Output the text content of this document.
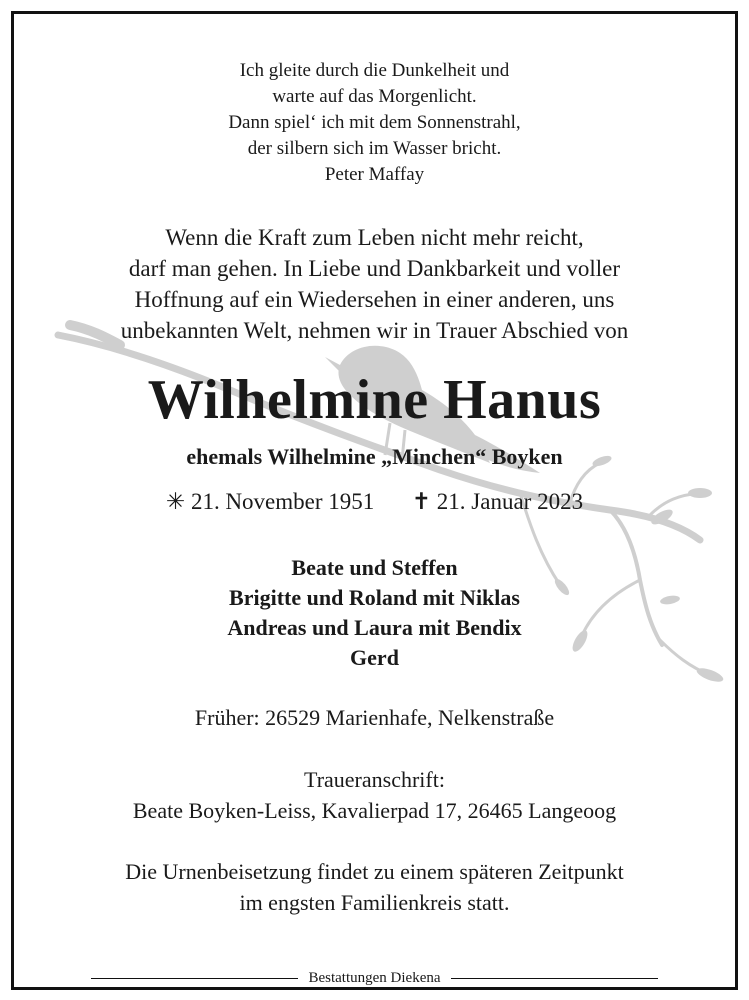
Ich gleite durch die Dunkelheit und
warte auf das Morgenlicht.
Dann spiel‘ ich mit dem Sonnenstrahl,
der silbern sich im Wasser bricht.
Peter Maffay
Wenn die Kraft zum Leben nicht mehr reicht,
darf man gehen. In Liebe und Dankbarkeit und voller
Hoffnung auf ein Wiedersehen in einer anderen, uns
unbekannten Welt, nehmen wir in Trauer Abschied von
Wilhelmine Hanus
ehemals Wilhelmine „Minchen“ Boyken
✳ 21. November 1951 ✝ 21. Januar 2023
Beate und Steffen
Brigitte und Roland mit Niklas
Andreas und Laura mit Bendix
Gerd
Früher: 26529 Marienhafe, Nelkenstraße
Traueranschrift:
Beate Boyken-Leiss, Kavalierpad 17, 26465 Langeoog
Die Urnenbeisetzung findet zu einem späteren Zeitpunkt
im engsten Familienkreis statt.
Bestattungen Diekena
